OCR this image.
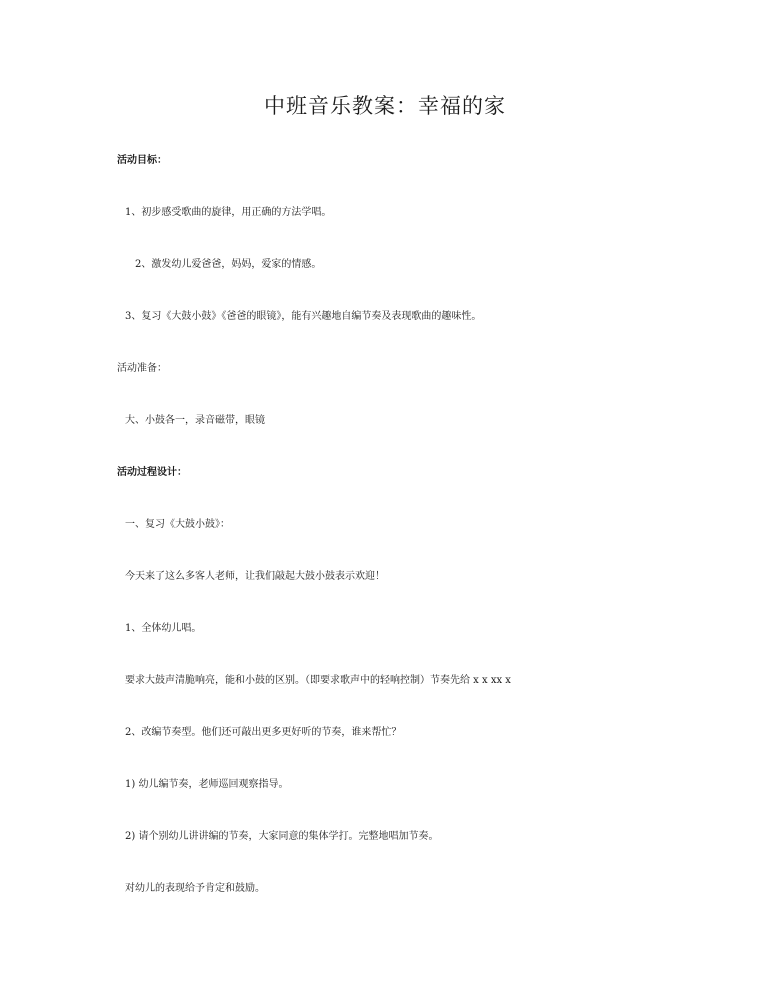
中班音乐教案：幸福的家

活动目标：

1、初步感受歌曲的旋律，用正确的方法学唱。

2、激发幼儿爱爸爸，妈妈，爱家的情感。

3、复习《大鼓小鼓》《爸爸的眼镜》，能有兴趣地自编节奏及表现歌曲的趣味性。

活动准备：

大、小鼓各一，录音磁带，眼镜

活动过程设计：

一、复习《大鼓小鼓》：

今天来了这么多客人老师，让我们敲起大鼓小鼓表示欢迎！

1、全体幼儿唱。

要求大鼓声清脆响亮，能和小鼓的区别。（即要求歌声中的轻响控制）节奏先给 x x xx x

2、改编节奏型。他们还可敲出更多更好听的节奏，谁来帮忙？

1) 幼儿编节奏，老师巡回观察指导。

2) 请个别幼儿讲讲编的节奏，大家同意的集体学打。完整地唱加节奏。

对幼儿的表现给予肯定和鼓励。
